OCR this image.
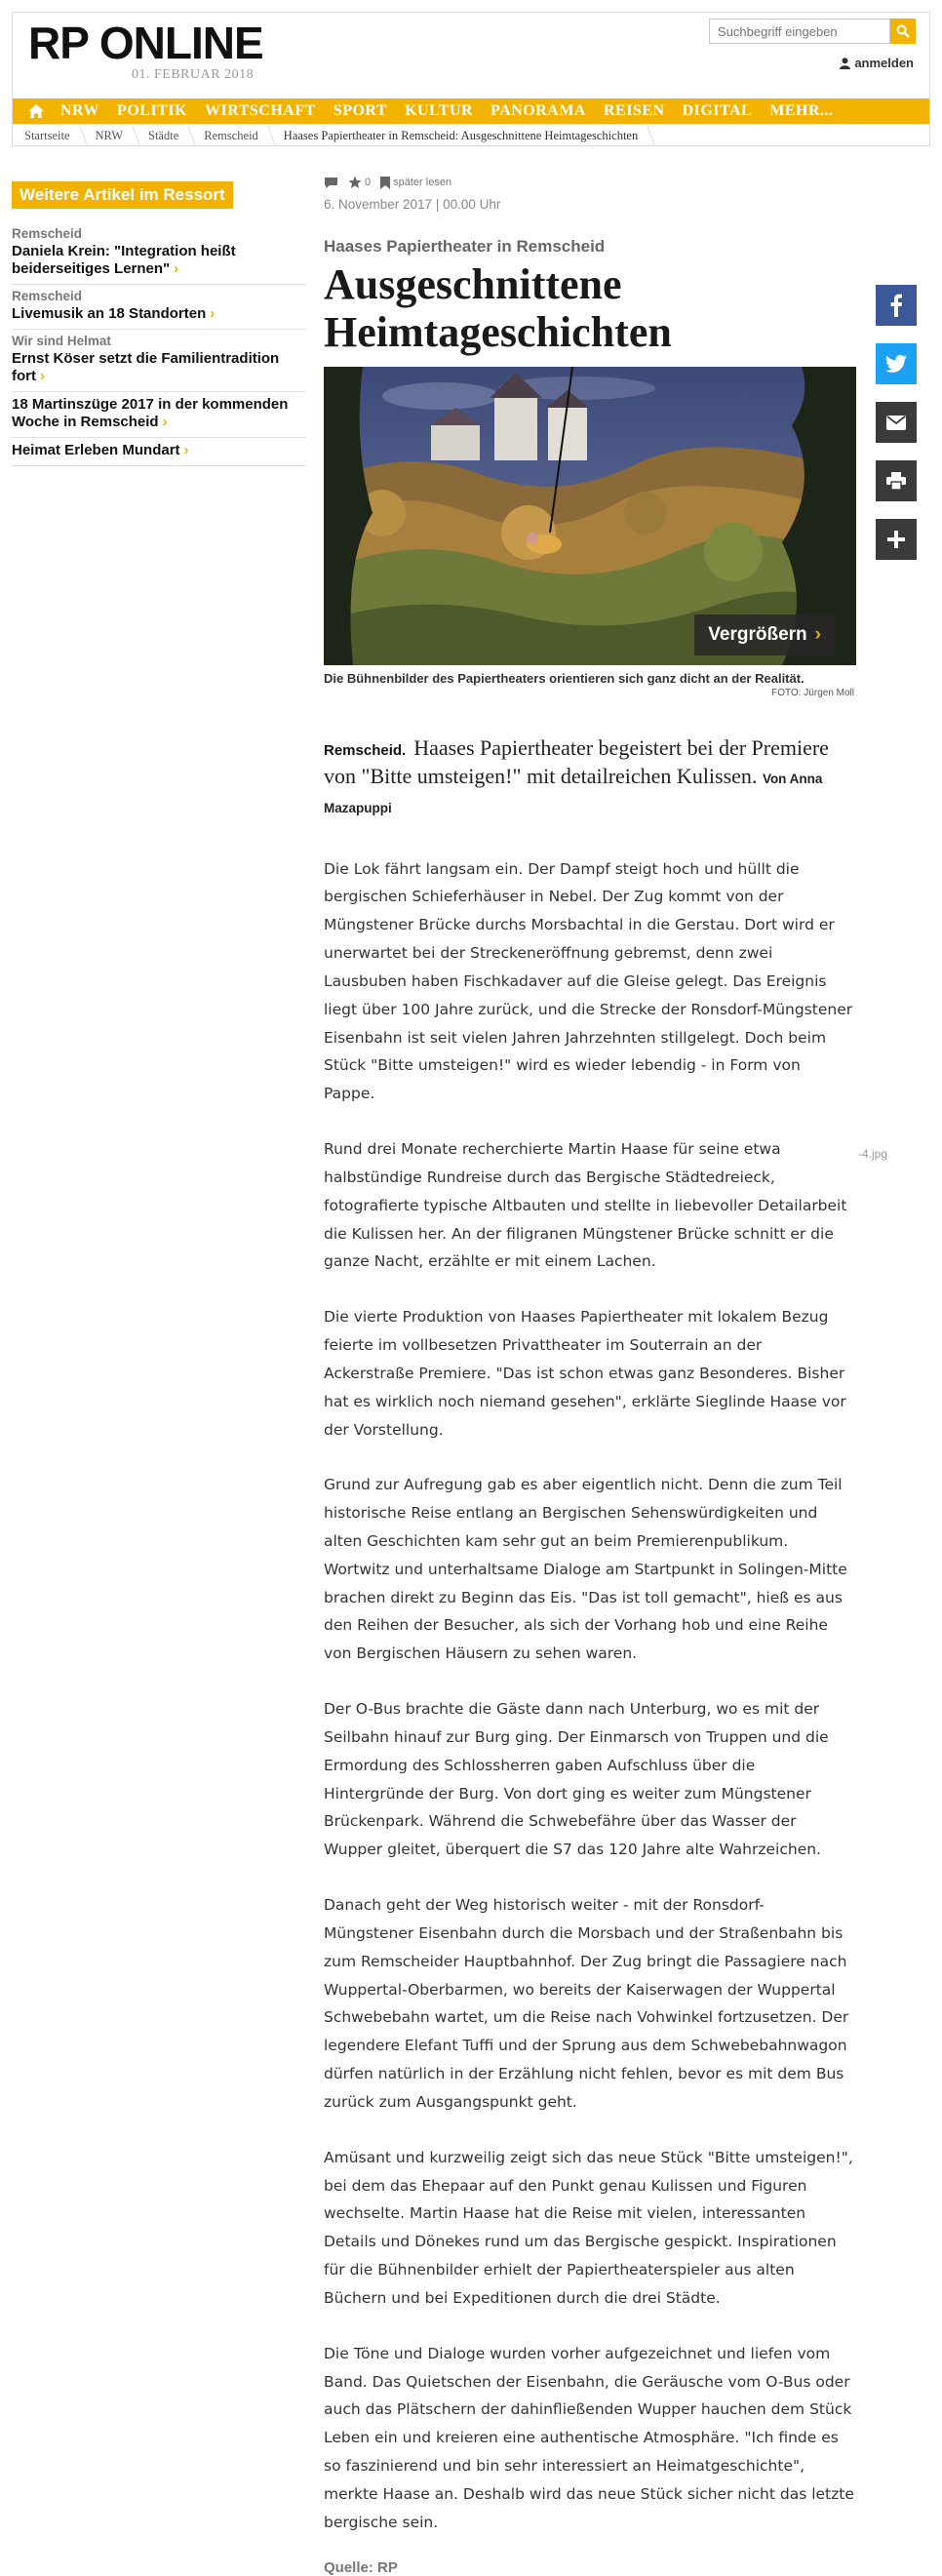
RP ONLINE
01. FEBRUAR 2018
Suchbegriff eingeben
anmelden
NRW	POLITIK	WIRTSCHAFT	SPORT	KULTUR	PANORAMA	REISEN	DIGITAL	MEHR...
Startseite	NRW	Städte	Remscheid	Haases Papiertheater in Remscheid: Ausgeschnittene Heimtageschichten
Weitere Artikel im Ressort
Remscheid
Daniela Krein: "Integration heißt beiderseitiges Lernen" ›
Remscheid
Livemusik an 18 Standorten ›
Wir sind Helmat
Ernst Köser setzt die Familientradition fort ›
18 Martinszüge 2017 in der kommenden Woche in Remscheid ›
Heimat Erleben Mundart ›
0 später lesen
6. November 2017 | 00.00 Uhr
Haases Papiertheater in Remscheid
Ausgeschnittene Heimtageschichten
Vergrößern ›
Die Bühnenbilder des Papiertheaters orientieren sich ganz dicht an der Realität.
FOTO: Jürgen Moll
Remscheid. Haases Papiertheater begeistert bei der Premiere von "Bitte umsteigen!" mit detailreichen Kulissen. Von Anna Mazapuppi

Die Lok fährt langsam ein. Der Dampf steigt hoch und hüllt die bergischen Schieferhäuser in Nebel. Der Zug kommt von der Müngstener Brücke durchs Morsbachtal in die Gerstau. Dort wird er unerwartet bei der Streckeneröffnung gebremst, denn zwei Lausbuben haben Fischkadaver auf die Gleise gelegt. Das Ereignis liegt über 100 Jahre zurück, und die Strecke der Ronsdorf-Müngstener Eisenbahn ist seit vielen Jahren Jahrzehnten stillgelegt. Doch beim Stück "Bitte umsteigen!" wird es wieder lebendig - in Form von Pappe.

Rund drei Monate recherchierte Martin Haase für seine etwa halbstündige Rundreise durch das Bergische Städtedreieck, fotografierte typische Altbauten und stellte in liebevoller Detailarbeit die Kulissen her. An der filigranen Müngstener Brücke schnitt er die ganze Nacht, erzählte er mit einem Lachen.

Die vierte Produktion von Haases Papiertheater mit lokalem Bezug feierte im vollbesetzen Privattheater im Souterrain an der Ackerstraße Premiere. "Das ist schon etwas ganz Besonderes. Bisher hat es wirklich noch niemand gesehen", erklärte Sieglinde Haase vor der Vorstellung.

Grund zur Aufregung gab es aber eigentlich nicht. Denn die zum Teil historische Reise entlang an Bergischen Sehenswürdigkeiten und alten Geschichten kam sehr gut an beim Premierenpublikum. Wortwitz und unterhaltsame Dialoge am Startpunkt in Solingen-Mitte brachen direkt zu Beginn das Eis. "Das ist toll gemacht", hieß es aus den Reihen der Besucher, als sich der Vorhang hob und eine Reihe von Bergischen Häusern zu sehen waren.

Der O-Bus brachte die Gäste dann nach Unterburg, wo es mit der Seilbahn hinauf zur Burg ging. Der Einmarsch von Truppen und die Ermordung des Schlossherren gaben Aufschluss über die Hintergründe der Burg. Von dort ging es weiter zum Müngstener Brückenpark. Während die Schwebefähre über das Wasser der Wupper gleitet, überquert die S7 das 120 Jahre alte Wahrzeichen.

Danach geht der Weg historisch weiter - mit der Ronsdorf-Müngstener Eisenbahn durch die Morsbach und der Straßenbahn bis zum Remscheider Hauptbahnhof. Der Zug bringt die Passagiere nach Wuppertal-Oberbarmen, wo bereits der Kaiserwagen der Wuppertal Schwebebahn wartet, um die Reise nach Vohwinkel fortzusetzen. Der legendere Elefant Tuffi und der Sprung aus dem Schwebebahnwagon dürfen natürlich in der Erzählung nicht fehlen, bevor es mit dem Bus zurück zum Ausgangspunkt geht.

Amüsant und kurzweilig zeigt sich das neue Stück "Bitte umsteigen!", bei dem das Ehepaar auf den Punkt genau Kulissen und Figuren wechselte. Martin Haase hat die Reise mit vielen, interessanten Details und Dönekes rund um das Bergische gespickt. Inspirationen für die Bühnenbilder erhielt der Papiertheaterspieler aus alten Büchern und bei Expeditionen durch die drei Städte.

Die Töne und Dialoge wurden vorher aufgezeichnet und liefen vom Band. Das Quietschen der Eisenbahn, die Geräusche vom O-Bus oder auch das Plätschern der dahinfließenden Wupper hauchen dem Stück Leben ein und kreieren eine authentische Atmosphäre. "Ich finde es so faszinierend und bin sehr interessiert an Heimatgeschichte", merkte Haase an. Deshalb wird das neue Stück sicher nicht das letzte bergische sein.

Quelle: RP
-4.jpg
